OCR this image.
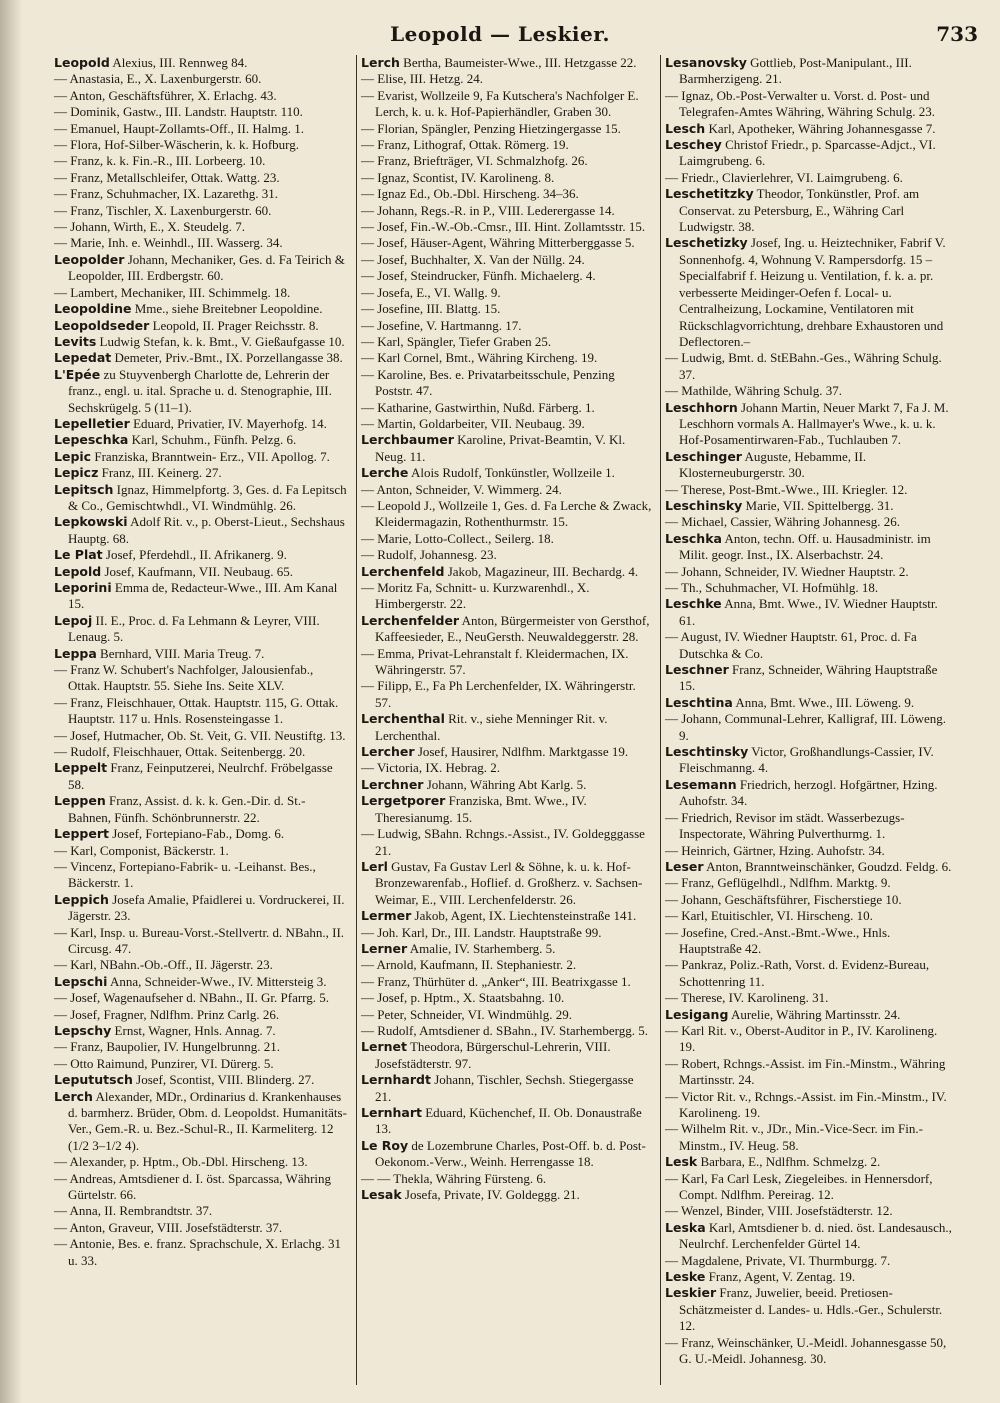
Leopold — Leskier.	733

Leopold Alexius, III. Rennweg 84.

— Anastasia, E., X. Laxenburgerstr. 60.

— Anton, Geschäftsführer, X. Erlachg. 43.

— Dominik, Gastw., III. Landstr. Hauptstr. 110.

— Emanuel, Haupt-Zollamts-Off., II. Halmg. 1.

— Flora, Hof-Silber-Wäscherin, k. k. Hofburg.

— Franz, k. k. Fin.-R., III. Lorbeerg. 10.

— Franz, Metallschleifer, Ottak. Wattg. 23.

— Franz, Schuhmacher, IX. Lazarethg. 31.

— Franz, Tischler, X. Laxenburgerstr. 60.

— Johann, Wirth, E., X. Steudelg. 7.

— Marie, Inh. e. Weinhdl., III. Wasserg. 34.

Leopolder Johann, Mechaniker, Ges. d. Fa Teirich & Leopolder, III. Erdbergstr. 60.

— Lambert, Mechaniker, III. Schimmelg. 18.

Leopoldine Mme., siehe Breitebner Leopoldine.

Leopoldseder Leopold, II. Prager Reichsstr. 8.

Levits Ludwig Stefan, k. k. Bmt., V. Gießaufgasse 10.

Lepedat Demeter, Priv.-Bmt., IX. Porzellangasse 38.

L'Epée zu Stuyvenbergh Charlotte de, Lehrerin der franz., engl. u. ital. Sprache u. d. Stenographie, III. Sechskrügelg. 5 (11–1).

Lepelletier Eduard, Privatier, IV. Mayerhofg. 14.

Lepeschka Karl, Schuhm., Fünfh. Pelzg. 6.

Lepic Franziska, Branntwein- Erz., VII. Apollog. 7.

Lepicz Franz, III. Keinerg. 27.

Lepitsch Ignaz, Himmelpfortg. 3, Ges. d. Fa Lepitsch & Co., Gemischtwhdl., VI. Windmühlg. 26.

Lepkowski Adolf Rit. v., p. Oberst-Lieut., Sechshaus Hauptg. 68.

Le Plat Josef, Pferdehdl., II. Afrikanerg. 9.

Lepold Josef, Kaufmann, VII. Neubaug. 65.

Leporini Emma de, Redacteur-Wwe., III. Am Kanal 15.

Lepoj II. E., Proc. d. Fa Lehmann & Leyrer, VIII. Lenaug. 5.

Leppa Bernhard, VIII. Maria Treug. 7.

— Franz W. Schubert's Nachfolger, Jalousienfab., Ottak. Hauptstr. 55. Siehe Ins. Seite XLV.

— Franz, Fleischhauer, Ottak. Hauptstr. 115, G. Ottak. Hauptstr. 117 u. Hnls. Rosensteingasse 1.

— Josef, Hutmacher, Ob. St. Veit, G. VII. Neustiftg. 13.

— Rudolf, Fleischhauer, Ottak. Seitenbergg. 20.

Leppelt Franz, Feinputzerei, Neulrchf. Fröbelgasse 58.

Leppen Franz, Assist. d. k. k. Gen.-Dir. d. St.-Bahnen, Fünfh. Schönbrunnerstr. 22.

Leppert Josef, Fortepiano-Fab., Domg. 6.

— Karl, Componist, Bäckerstr. 1.

— Vincenz, Fortepiano-Fabrik- u. -Leihanst. Bes., Bäckerstr. 1.

Leppich Josefa Amalie, Pfaidlerei u. Vordruckerei, II. Jägerstr. 23.

— Karl, Insp. u. Bureau-Vorst.-Stellvertr. d. NBahn., II. Circusg. 47.

— Karl, NBahn.-Ob.-Off., II. Jägerstr. 23.

Lepschi Anna, Schneider-Wwe., IV. Mittersteig 3.

— Josef, Wagenaufseher d. NBahn., II. Gr. Pfarrg. 5.

— Josef, Fragner, Ndlfhm. Prinz Carlg. 26.

Lepschy Ernst, Wagner, Hnls. Annag. 7.

— Franz, Baupolier, IV. Hungelbrunng. 21.

— Otto Raimund, Punzirer, VI. Dürerg. 5.

Lepututsch Josef, Scontist, VIII. Blinderg. 27.

Lerch Alexander, MDr., Ordinarius d. Krankenhauses d. barmherz. Brüder, Obm. d. Leopoldst. Humanitäts-Ver., Gem.-R. u. Bez.-Schul-R., II. Karmeliterg. 12 (1/2 3–1/2 4).

— Alexander, p. Hptm., Ob.-Dbl. Hirscheng. 13.

— Andreas, Amtsdiener d. I. öst. Sparcassa, Währing Gürtelstr. 66.

— Anna, II. Rembrandtstr. 37.

— Anton, Graveur, VIII. Josefstädterstr. 37.

— Antonie, Bes. e. franz. Sprachschule, X. Erlachg. 31 u. 33.

Lerch Bertha, Baumeister-Wwe., III. Hetzgasse 22.

— Elise, III. Hetzg. 24.

— Evarist, Wollzeile 9, Fa Kutschera's Nachfolger E. Lerch, k. u. k. Hof-Papierhändler, Graben 30.

— Florian, Spängler, Penzing Hietzingergasse 15.

— Franz, Lithograf, Ottak. Römerg. 19.

— Franz, Briefträger, VI. Schmalzhofg. 26.

— Ignaz, Scontist, IV. Karolineng. 8.

— Ignaz Ed., Ob.-Dbl. Hirscheng. 34–36.

— Johann, Regs.-R. in P., VIII. Lederergasse 14.

— Josef, Fin.-W.-Ob.-Cmsr., III. Hint. Zollamtsstr. 15.

— Josef, Häuser-Agent, Währing Mitterberggasse 5.

— Josef, Buchhalter, X. Van der Nüllg. 24.

— Josef, Steindrucker, Fünfh. Michaelerg. 4.

— Josefa, E., VI. Wallg. 9.

— Josefine, III. Blattg. 15.

— Josefine, V. Hartmanng. 17.

— Karl, Spängler, Tiefer Graben 25.

— Karl Cornel, Bmt., Währing Kircheng. 19.

— Karoline, Bes. e. Privatarbeitsschule, Penzing Poststr. 47.

— Katharine, Gastwirthin, Nußd. Färberg. 1.

— Martin, Goldarbeiter, VII. Neubaug. 39.

Lerchbaumer Karoline, Privat-Beamtin, V. Kl. Neug. 11.

Lerche Alois Rudolf, Tonkünstler, Wollzeile 1.

— Anton, Schneider, V. Wimmerg. 24.

— Leopold J., Wollzeile 1, Ges. d. Fa Lerche & Zwack, Kleidermagazin, Rothenthurmstr. 15.

— Marie, Lotto-Collect., Seilerg. 18.

— Rudolf, Johannesg. 23.

Lerchenfeld Jakob, Magazineur, III. Bechardg. 4.

— Moritz Fa, Schnitt- u. Kurzwarenhdl., X. Himbergerstr. 22.

Lerchenfelder Anton, Bürgermeister von Gersthof, Kaffeesieder, E., NeuGersth. Neuwaldeggerstr. 28.

— Emma, Privat-Lehranstalt f. Kleidermachen, IX. Währingerstr. 57.

— Filipp, E., Fa Ph Lerchenfelder, IX. Währingerstr. 57.

Lerchenthal Rit. v., siehe Menninger Rit. v. Lerchenthal.

Lercher Josef, Hausirer, Ndlfhm. Marktgasse 19.

— Victoria, IX. Hebrag. 2.

Lerchner Johann, Währing Abt Karlg. 5.

Lergetporer Franziska, Bmt. Wwe., IV. Theresianumg. 15.

— Ludwig, SBahn. Rchngs.-Assist., IV. Goldegggasse 21.

Lerl Gustav, Fa Gustav Lerl & Söhne, k. u. k. Hof-Bronzewarenfab., Hoflief. d. Großherz. v. Sachsen-Weimar, E., VIII. Lerchenfelderstr. 26.

Lermer Jakob, Agent, IX. Liechtensteinstraße 141.

— Joh. Karl, Dr., III. Landstr. Hauptstraße 99.

Lerner Amalie, IV. Starhemberg. 5.

— Arnold, Kaufmann, II. Stephaniestr. 2.

— Franz, Thürhüter d. „Anker“, III. Beatrixgasse 1.

— Josef, p. Hptm., X. Staatsbahng. 10.

— Peter, Schneider, VI. Windmühlg. 29.

— Rudolf, Amtsdiener d. SBahn., IV. Starhembergg. 5.

Lernet Theodora, Bürgerschul-Lehrerin, VIII. Josefstädterstr. 97.

Lernhardt Johann, Tischler, Sechsh. Stiegergasse 21.

Lernhart Eduard, Küchenchef, II. Ob. Donaustraße 13.

Le Roy de Lozembrune Charles, Post-Off. b. d. Post-Oekonom.-Verw., Weinh. Herrengasse 18.

— — Thekla, Währing Fürsteng. 6.

Lesak Josefa, Private, IV. Goldeggg. 21.

Lesanovsky Gottlieb, Post-Manipulant., III. Barmherzigeng. 21.

— Ignaz, Ob.-Post-Verwalter u. Vorst. d. Post- und Telegrafen-Amtes Währing, Währing Schulg. 23.

Lesch Karl, Apotheker, Währing Johannesgasse 7.

Leschey Christof Friedr., p. Sparcasse-Adjct., VI. Laimgrubeng. 6.

— Friedr., Clavierlehrer, VI. Laimgrubeng. 6.

Leschetitzky Theodor, Tonkünstler, Prof. am Conservat. zu Petersburg, E., Währing Carl Ludwigstr. 38.

Leschetizky Josef, Ing. u. Heiztechniker, Fabrif V. Sonnenhofg. 4, Wohnung V. Rampersdorfg. 15 – Specialfabrif f. Heizung u. Ventilation, f. k. a. pr. verbesserte Meidinger-Oefen f. Local- u. Centralheizung, Lockamine, Ventilatoren mit Rückschlagvorrichtung, drehbare Exhaustoren und Deflectoren.–

— Ludwig, Bmt. d. StEBahn.-Ges., Währing Schulg. 37.

— Mathilde, Währing Schulg. 37.

Leschhorn Johann Martin, Neuer Markt 7, Fa J. M. Leschhorn vormals A. Hallmayer's Wwe., k. u. k. Hof-Posamentirwaren-Fab., Tuchlauben 7.

Leschinger Auguste, Hebamme, II. Klosterneuburgerstr. 30.

— Therese, Post-Bmt.-Wwe., III. Kriegler. 12.

Leschinsky Marie, VII. Spittelbergg. 31.

— Michael, Cassier, Währing Johannesg. 26.

Leschka Anton, techn. Off. u. Hausadministr. im Milit. geogr. Inst., IX. Alserbachstr. 24.

— Johann, Schneider, IV. Wiedner Hauptstr. 2.

— Th., Schuhmacher, VI. Hofmühlg. 18.

Leschke Anna, Bmt. Wwe., IV. Wiedner Hauptstr. 61.

— August, IV. Wiedner Hauptstr. 61, Proc. d. Fa Dutschka & Co.

Leschner Franz, Schneider, Währing Hauptstraße 15.

Leschtina Anna, Bmt. Wwe., III. Löweng. 9.

— Johann, Communal-Lehrer, Kalligraf, III. Löweng. 9.

Leschtinsky Victor, Großhandlungs-Cassier, IV. Fleischmanng. 4.

Lesemann Friedrich, herzogl. Hofgärtner, Hzing. Auhofstr. 34.

— Friedrich, Revisor im städt. Wasserbezugs-Inspectorate, Währing Pulverthurmg. 1.

— Heinrich, Gärtner, Hzing. Auhofstr. 34.

Leser Anton, Branntweinschänker, Goudzd. Feldg. 6.

— Franz, Geflügelhdl., Ndlfhm. Marktg. 9.

— Johann, Geschäftsführer, Fischerstiege 10.

— Karl, Etuitischler, VI. Hirscheng. 10.

— Josefine, Cred.-Anst.-Bmt.-Wwe., Hnls. Hauptstraße 42.

— Pankraz, Poliz.-Rath, Vorst. d. Evidenz-Bureau, Schottenring 11.

— Therese, IV. Karolineng. 31.

Lesigang Aurelie, Währing Martinsstr. 24.

— Karl Rit. v., Oberst-Auditor in P., IV. Karolineng. 19.

— Robert, Rchngs.-Assist. im Fin.-Minstm., Währing Martinsstr. 24.

— Victor Rit. v., Rchngs.-Assist. im Fin.-Minstm., IV. Karolineng. 19.

— Wilhelm Rit. v., JDr., Min.-Vice-Secr. im Fin.-Minstm., IV. Heug. 58.

Lesk Barbara, E., Ndlfhm. Schmelzg. 2.

— Karl, Fa Carl Lesk, Ziegeleibes. in Hennersdorf, Compt. Ndlfhm. Pereirag. 12.

— Wenzel, Binder, VIII. Josefstädterstr. 12.

Leska Karl, Amtsdiener b. d. nied. öst. Landesausch., Neulrchf. Lerchenfelder Gürtel 14.

— Magdalene, Private, VI. Thurmburgg. 7.

Leske Franz, Agent, V. Zentag. 19.

Leskier Franz, Juwelier, beeid. Pretiosen-Schätzmeister d. Landes- u. Hdls.-Ger., Schulerstr. 12.

— Franz, Weinschänker, U.-Meidl. Johannesgasse 50, G. U.-Meidl. Johannesg. 30.
